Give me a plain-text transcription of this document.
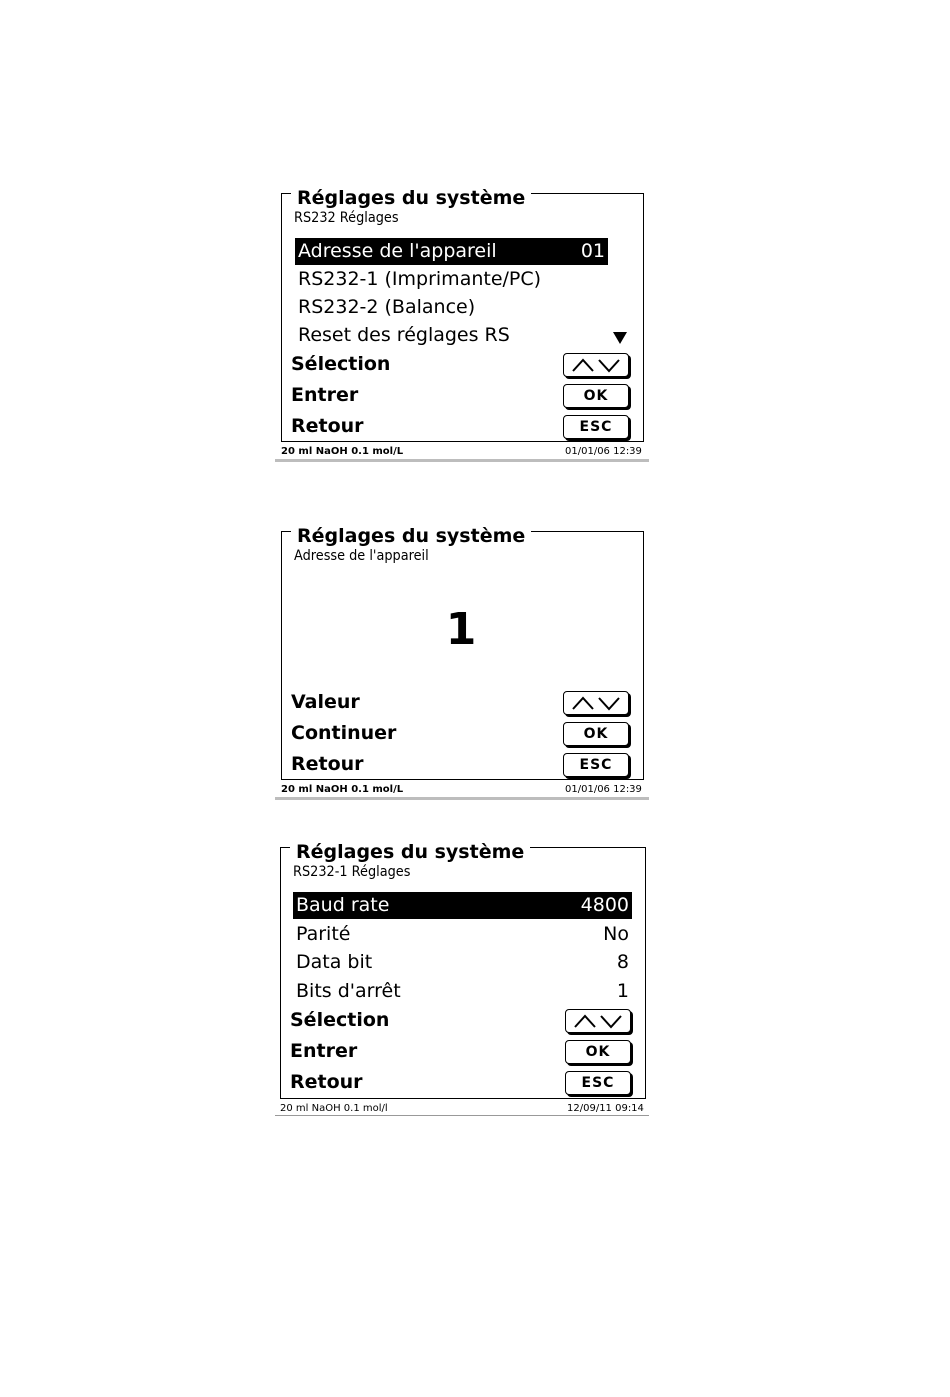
Réglages du système
RS232 Réglages
Adresse de l'appareil	01
RS232-1 (Imprimante/PC)
RS232-2 (Balance)
Reset des réglages RS
Sélection
Entrer	OK
Retour	ESC
20 ml NaOH 0.1 mol/L	01/01/06 12:39
Réglages du système
Adresse de l'appareil
1
Valeur
Continuer	OK
Retour	ESC
20 ml NaOH 0.1 mol/L	01/01/06 12:39
Réglages du système
RS232-1 Réglages
Baud rate	4800
Parité	No
Data bit	8
Bits d'arrêt	1
Sélection
Entrer	OK
Retour	ESC
20 ml NaOH 0.1 mol/l	12/09/11 09:14
